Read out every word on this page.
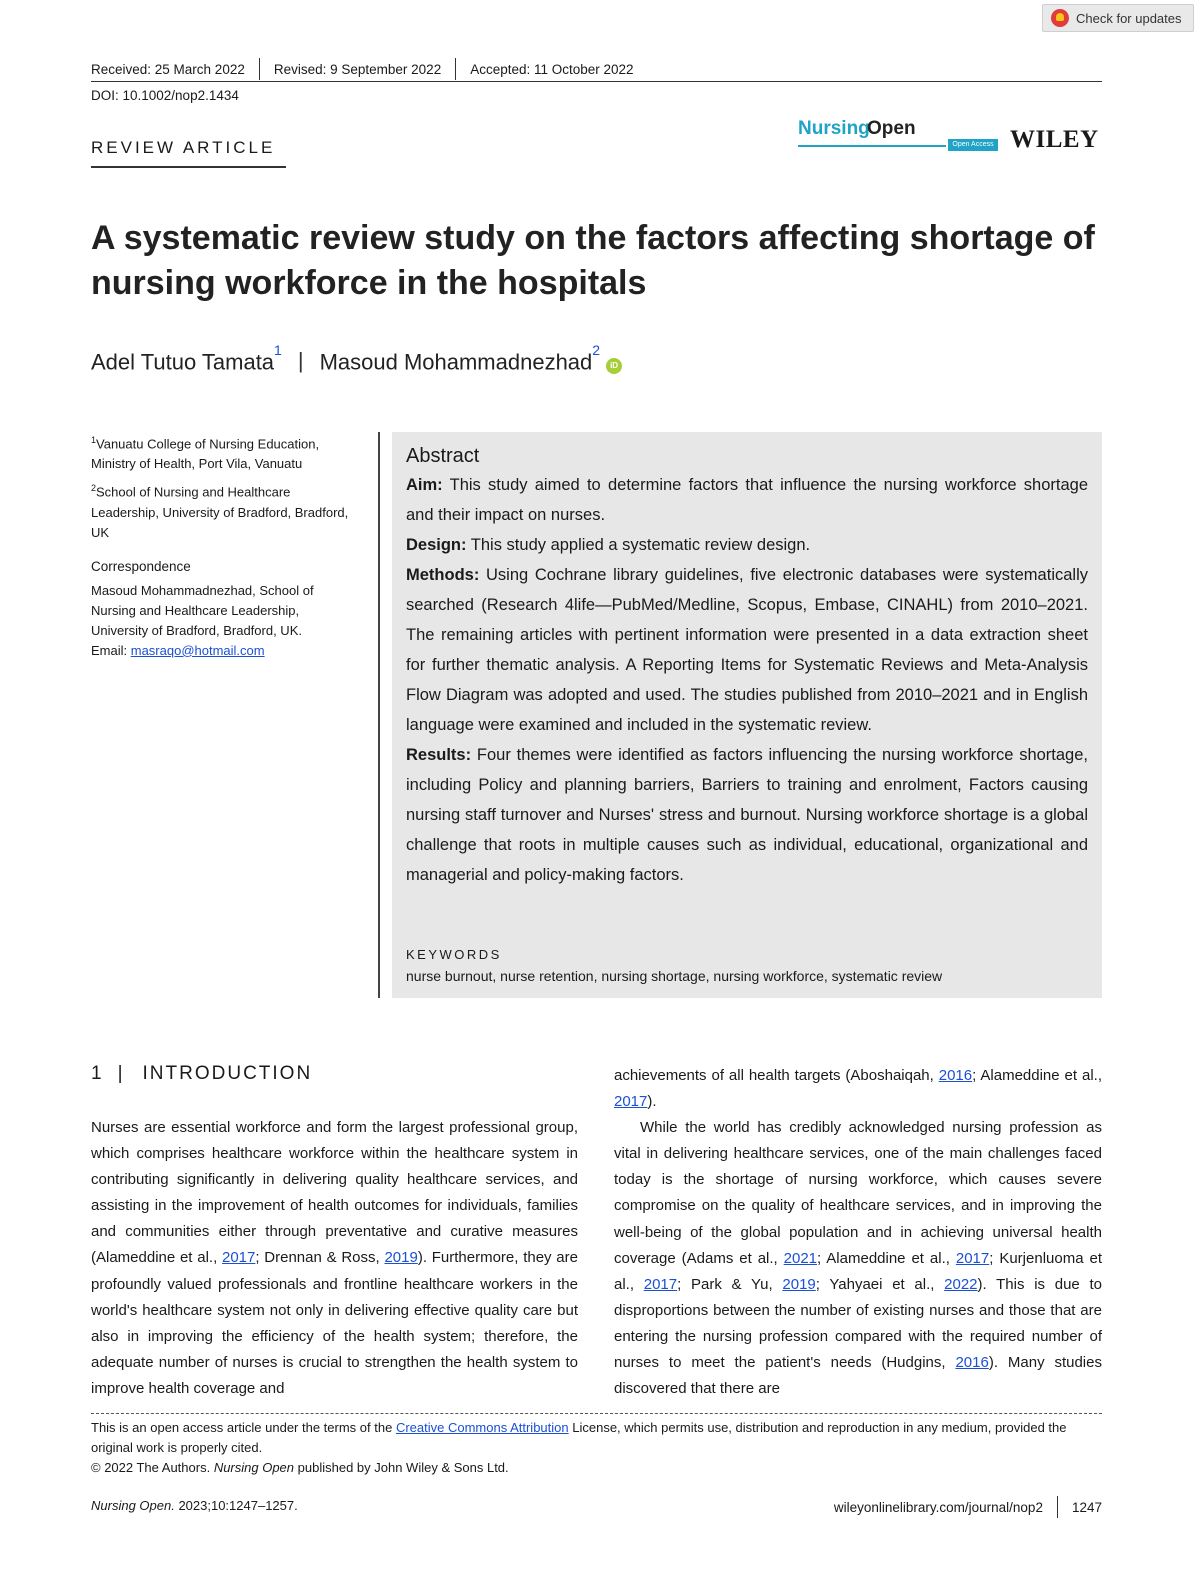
Check for updates
Received: 25 March 2022 Revised: 9 September 2022 Accepted: 11 October 2022
DOI: 10.1002/nop2.1434
REVIEW ARTICLE
Nursing
Open
Open Access WILEY
A systematic review study on the factors affecting shortage of nursing workforce in the hospitals
Adel Tutuo Tamata$^1$ | Masoud Mohammadnezhad$^2$
iD

$^1$Vanuatu College of Nursing Education, Ministry of Health, Port Vila, Vanuatu

$^2$School of Nursing and Healthcare Leadership, University of Bradford, Bradford, UK

Correspondence

Masoud Mohammadnezhad, School of Nursing and Healthcare Leadership, University of Bradford, Bradford, UK.
Email: masraqo@hotmail.com

Abstract

Aim: This study aimed to determine factors that influence the nursing workforce shortage and their impact on nurses.

Design: This study applied a systematic review design.

Methods: Using Cochrane library guidelines, five electronic databases were systematically searched (Research 4life—PubMed/Medline, Scopus, Embase, CINAHL) from 2010–2021. The remaining articles with pertinent information were presented in a data extraction sheet for further thematic analysis. A Reporting Items for Systematic Reviews and Meta-Analysis Flow Diagram was adopted and used. The studies published from 2010–2021 and in English language were examined and included in the systematic review.

Results: Four themes were identified as factors influencing the nursing workforce shortage, including Policy and planning barriers, Barriers to training and enrolment, Factors causing nursing staff turnover and Nurses' stress and burnout. Nursing workforce shortage is a global challenge that roots in multiple causes such as individual, educational, organizational and managerial and policy-making factors.

KEYWORDS
nurse burnout, nurse retention, nursing shortage, nursing workforce, systematic review
1 | INTRODUCTION

Nurses are essential workforce and form the largest professional group, which comprises healthcare workforce within the healthcare system in contributing significantly in delivering quality healthcare services, and assisting in the improvement of health outcomes for individuals, families and communities either through preventative and curative measures (Alameddine et al., 2017; Drennan & Ross, 2019). Furthermore, they are profoundly valued professionals and frontline healthcare workers in the world's healthcare system not only in delivering effective quality care but also in improving the efficiency of the health system; therefore, the adequate number of nurses is crucial to strengthen the health system to improve health coverage and

achievements of all health targets (Aboshaiqah, 2016; Alameddine et al., 2017).

While the world has credibly acknowledged nursing profession as vital in delivering healthcare services, one of the main challenges faced today is the shortage of nursing workforce, which causes severe compromise on the quality of healthcare services, and in improving the well-being of the global population and in achieving universal health coverage (Adams et al., 2021; Alameddine et al., 2017; Kurjenluoma et al., 2017; Park & Yu, 2019; Yahyaei et al., 2022). This is due to disproportions between the number of existing nurses and those that are entering the nursing profession compared with the required number of nurses to meet the patient's needs (Hudgins, 2016). Many studies discovered that there are

This is an open access article under the terms of the Creative Commons Attribution License, which permits use, distribution and reproduction in any medium, provided the original work is properly cited.

© 2022 The Authors. Nursing Open published by John Wiley & Sons Ltd.

Nursing Open. 2023;10:1247–1257.	wileyonlinelibrary.com/journal/nop2 1247
